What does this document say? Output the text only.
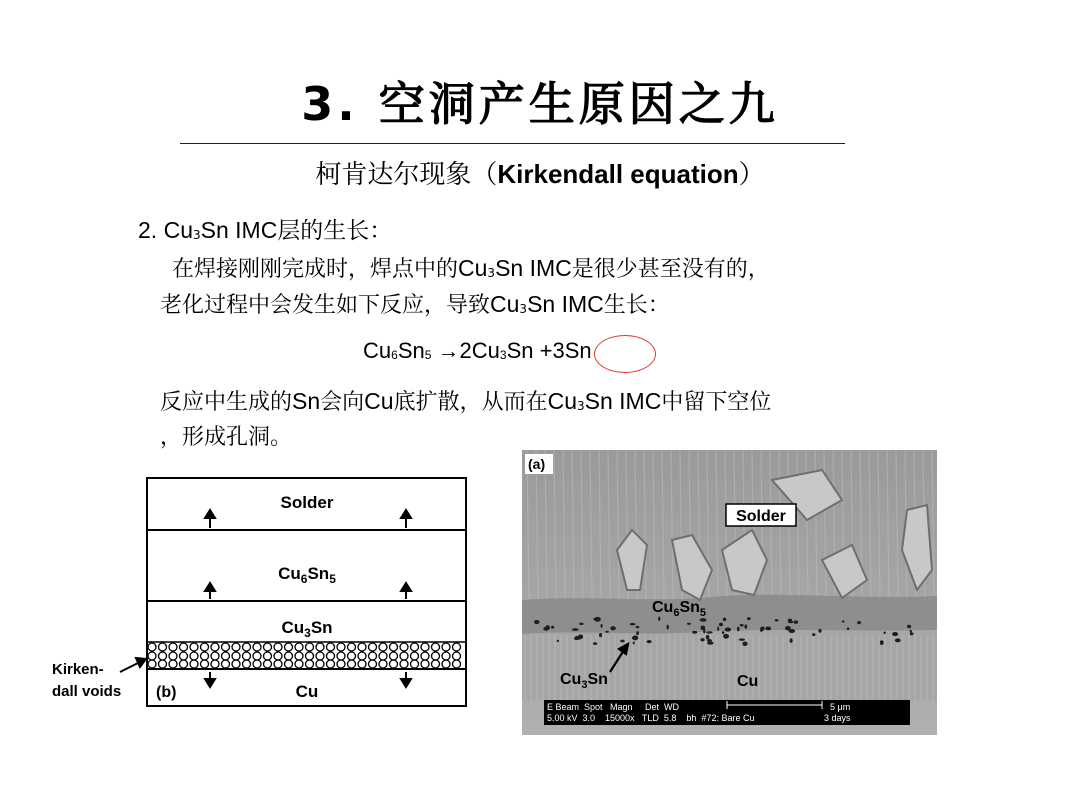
3. 空洞产生原因之九
柯肯达尔现象（Kirkendall equation）
2. $Cu_3Sn$ IMC层的生长：
在焊接刚刚完成时，焊点中的$Cu_3Sn$ IMC是很少甚至没有的，
老化过程中会发生如下反应，导致$Cu_3Sn$ IMC生长：
$Cu_6Sn_5 \to 2Cu_3Sn +3Sn$
反应中生成的Sn会向Cu底扩散，从而在$Cu_3Sn$ IMC中留下空位
，形成孔洞。
Solder
$Cu_6Sn_5$
$Cu_3Sn$
Cu
(b)
Kirken-
dall voids
(a)
Solder
$Cu_6Sn_5$
$Cu_3Sn$	Cu
E Beam  Spot   Magn     Det  WD
5.00 kV  3.0    15000x   TLD  5.8    bh  #72: Bare Cu
5 μm
3 days
